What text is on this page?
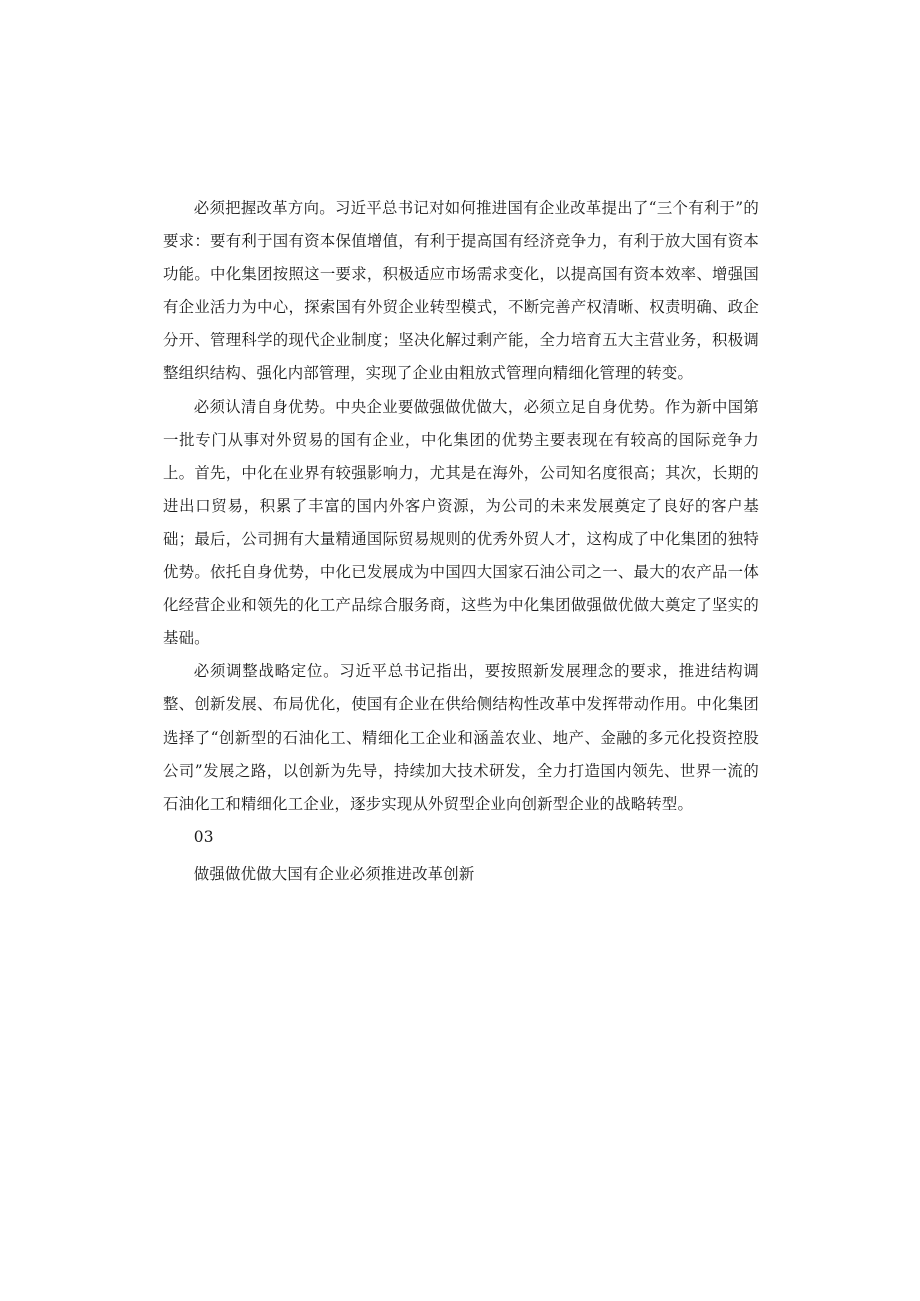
必须把握改革方向。习近平总书记对如何推进国有企业改革提出了“三个有利于”的要求：要有利于国有资本保值增值，有利于提高国有经济竞争力，有利于放大国有资本功能。中化集团按照这一要求，积极适应市场需求变化，以提高国有资本效率、增强国有企业活力为中心，探索国有外贸企业转型模式，不断完善产权清晰、权责明确、政企分开、管理科学的现代企业制度；坚决化解过剩产能，全力培育五大主营业务，积极调整组织结构、强化内部管理，实现了企业由粗放式管理向精细化管理的转变。

必须认清自身优势。中央企业要做强做优做大，必须立足自身优势。作为新中国第一批专门从事对外贸易的国有企业，中化集团的优势主要表现在有较高的国际竞争力上。首先，中化在业界有较强影响力，尤其是在海外，公司知名度很高；其次，长期的进出口贸易，积累了丰富的国内外客户资源，为公司的未来发展奠定了良好的客户基础；最后，公司拥有大量精通国际贸易规则的优秀外贸人才，这构成了中化集团的独特优势。依托自身优势，中化已发展成为中国四大国家石油公司之一、最大的农产品一体化经营企业和领先的化工产品综合服务商，这些为中化集团做强做优做大奠定了坚实的基础。

必须调整战略定位。习近平总书记指出，要按照新发展理念的要求，推进结构调整、创新发展、布局优化，使国有企业在供给侧结构性改革中发挥带动作用。中化集团选择了“创新型的石油化工、精细化工企业和涵盖农业、地产、金融的多元化投资控股公司”发展之路，以创新为先导，持续加大技术研发，全力打造国内领先、世界一流的石油化工和精细化工企业，逐步实现从外贸型企业向创新型企业的战略转型。

03

做强做优做大国有企业必须推进改革创新
